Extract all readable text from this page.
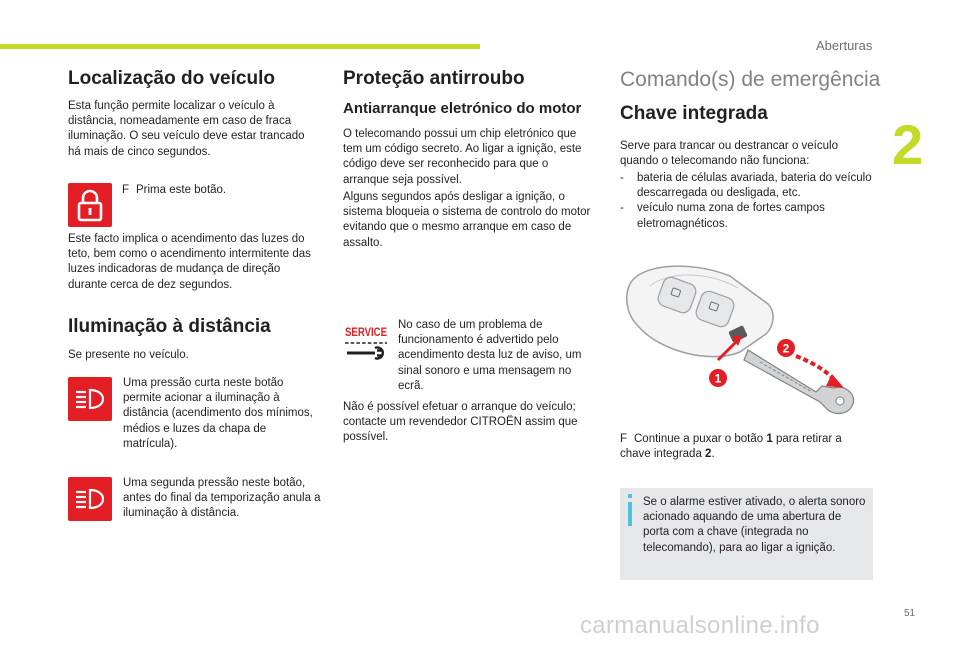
Aberturas
2
Localização do veículo

Esta função permite localizar o veículo à distância, nomeadamente em caso de fraca iluminação. O seu veículo deve estar trancado há mais de cinco segundos.

F Prima este botão.

Este facto implica o acendimento das luzes do teto, bem como o acendimento intermitente das luzes indicadoras de mudança de direção durante cerca de dez segundos.

Iluminação à distância

Se presente no veículo.

Uma pressão curta neste botão permite acionar a iluminação à distância (acendimento dos mínimos, médios e luzes da chapa de matrícula).

Uma segunda pressão neste botão, antes do final da temporização anula a iluminação à distância.

Proteção antirroubo
Antiarranque eletrónico do motor

O telecomando possui um chip eletrónico que tem um código secreto. Ao ligar a ignição, este código deve ser reconhecido para que o arranque seja possível.

Alguns segundos após desligar a ignição, o sistema bloqueia o sistema de controlo do motor evitando que o mesmo arranque em caso de assalto.

SERVICE

No caso de um problema de funcionamento é advertido pelo acendimento desta luz de aviso, um sinal sonoro e uma mensagem no ecrã.

Não é possível efetuar o arranque do veículo; contacte um revendedor CITROËN assim que possível.

Comando(s) de emergência
Chave integrada

Serve para trancar ou destrancar o veículo quando o telecomando não funciona:

- bateria de células avariada, bateria do veículo descarregada ou desligada, etc.
- veículo numa zona de fortes campos eletromagnéticos.
1
2
F Continue a puxar o botão 1 para retirar a chave integrada 2.

Se o alarme estiver ativado, o alerta sonoro acionado aquando de uma abertura de porta com a chave (integrada no telecomando), para ao ligar a ignição.

51
carmanualsonline.info
